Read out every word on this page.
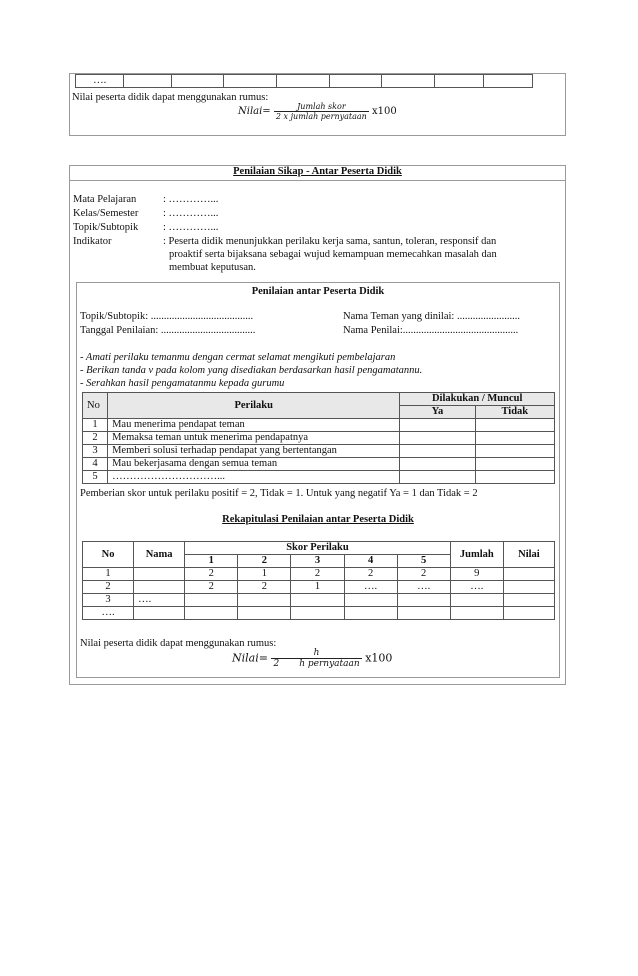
….								
Nilai peserta didik dapat menggunakan rumus:
Nilai= $\frac{\text{Jumlah skor}}{\text{2 x jumlah pernyataan}} x100$
Penilaian Sikap - Antar Peserta Didik
Mata Pelajaran	: …………...
Kelas/Semester : …………...
Topik/Subtopik : …………...
Indikator	: Peserta didik menunjukkan perilaku kerja sama, santun, toleran, responsif dan
proaktif serta bijaksana sebagai wujud kemampuan memecahkan masalah dan
membuat keputusan.
Penilaian antar Peserta Didik
Topik/Subtopik: .......................................	Nama Teman yang dinilai: ........................
Tanggal Penilaian: ....................................	Nama Penilai:............................................
- Amati perilaku temanmu dengan cermat selamat mengikuti pembelajaran
- Berikan tanda v pada kolom yang disediakan berdasarkan hasil pengamatannu.
- Serahkan hasil pengamatanmu kepada gurumu
No	Perilaku	Dilakukan / Muncul	
		Ya	Tidak
1	Mau menerima pendapat teman		
2	Memaksa teman untuk menerima pendapatnya		
3	Memberi solusi terhadap pendapat yang bertentangan		
4	Mau bekerjasama dengan semua teman		
5	…………………………...		
Pemberian skor untuk perilaku positif = 2, Tidak = 1. Untuk yang negatif Ya = 1 dan Tidak = 2
Rekapitulasi Penilaian antar Peserta Didik
No	Nama	Skor Perilaku					Jumlah	Nilai
		1	2	3	4	5		
1		2	1	2	2	2	9	
2		2	2	1	….	….	….	
3	….							
….								
Nilai peserta didik dapat menggunakan rumus:
Nilai= $\frac{h}{\text{2 h pernyataan}} x100$
